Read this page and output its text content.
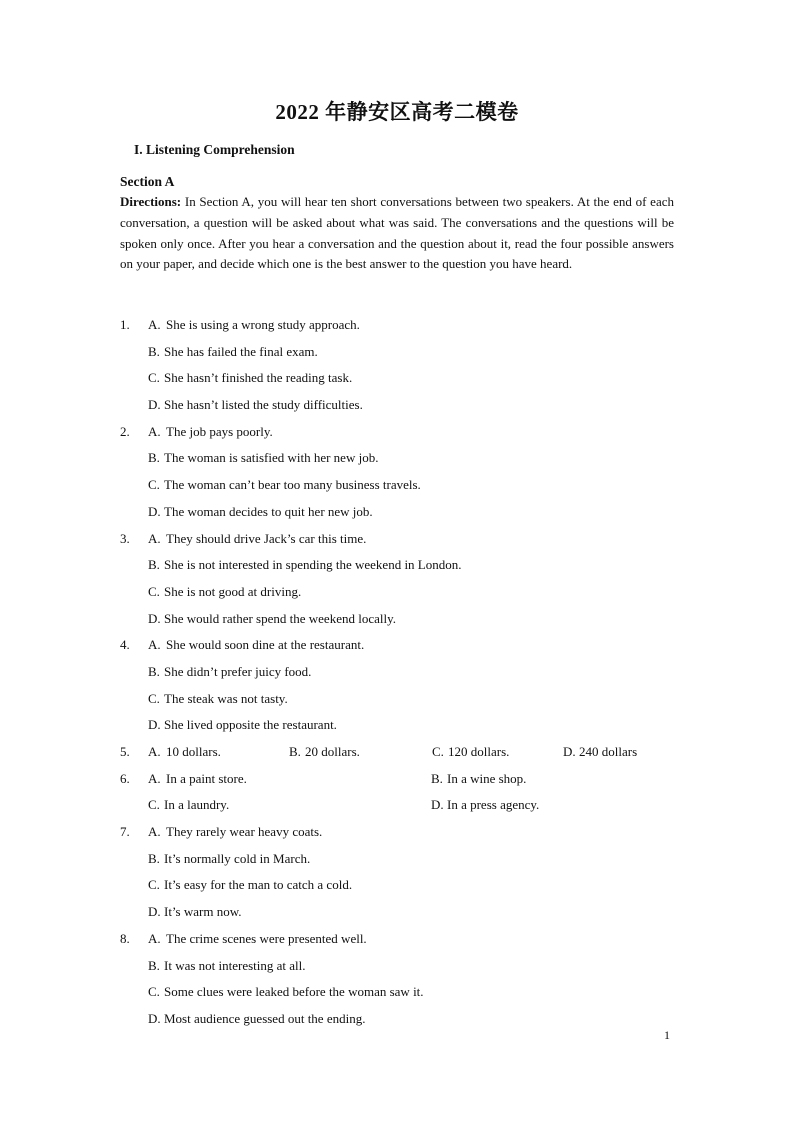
2022 年静安区高考二模卷
I. Listening Comprehension
Section A

Directions: In Section A, you will hear ten short conversations between two speakers. At the end of each conversation, a question will be asked about what was said. The conversations and the questions will be spoken only once. After you hear a conversation and the question about it, read the four possible answers on your paper, and decide which one is the best answer to the question you have heard.

1. A. She is using a wrong study approach.
B. She has failed the final exam.
C. She hasn’t finished the reading task.
D. She hasn’t listed the study difficulties.
2. A. The job pays poorly.
B. The woman is satisfied with her new job.
C. The woman can’t bear too many business travels.
D. The woman decides to quit her new job.
3. A. They should drive Jack’s car this time.
B. She is not interested in spending the weekend in London.
C. She is not good at driving.
D. She would rather spend the weekend locally.
4. A. She would soon dine at the restaurant.
B. She didn’t prefer juicy food.
C. The steak was not tasty.
D. She lived opposite the restaurant.
5. A. 10 dollars.	B. 20 dollars.	C. 120 dollars.	D. 240 dollars
6. A. In a paint store.	B. In a wine shop.
C. In a laundry.	D. In a press agency.
7. A. They rarely wear heavy coats.
B. It’s normally cold in March.
C. It’s easy for the man to catch a cold.
D. It’s warm now.
8. A. The crime scenes were presented well.
B. It was not interesting at all.
C. Some clues were leaked before the woman saw it.
D. Most audience guessed out the ending.
1
